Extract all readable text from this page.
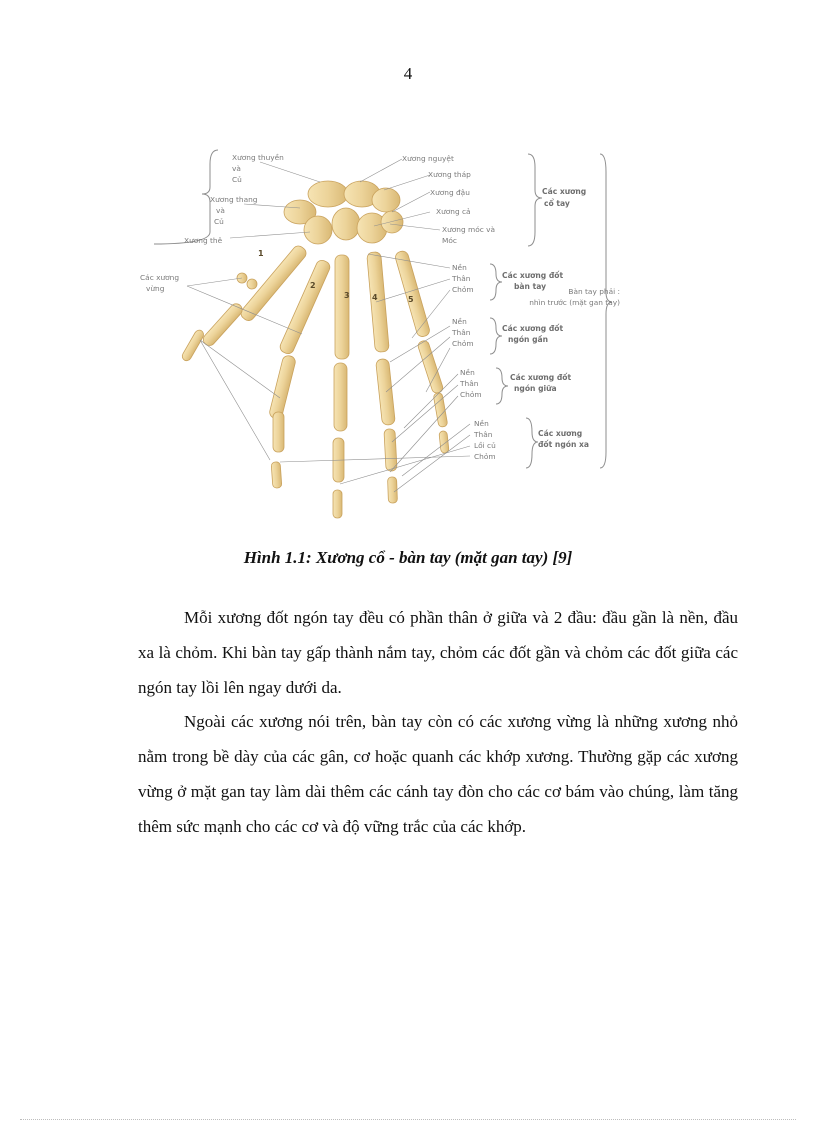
4
Xương thuyền
và
Củ
Xương thang
và
Củ
Xương thê
Các xương
vừng
Xương nguyệt
Xương tháp
Xương đậu
Xương cả
Xương móc và
Móc
Nền
Thân
Chỏm
Nền
Thân
Chỏm
Nền
Thân
Chỏm
Nền
Thân
Lồi củ
Chỏm
Các xương
cổ tay
Các xương đốt
bàn tay
Các xương đốt
ngón gần
Các xương đốt
ngón giữa
Các xương
đốt ngón xa
Bàn tay phải :
nhìn trước (mặt gan tay)
1
2
3	4	5
Hình 1.1: Xương cổ - bàn tay (mặt gan tay) [9]

Mỗi xương đốt ngón tay đều có phần thân ở giữa và 2 đầu: đầu gần là nền, đầu xa là chỏm. Khi bàn tay gấp thành nắm tay, chỏm các đốt gần và chỏm các đốt giữa các ngón tay lồi lên ngay dưới da.

Ngoài các xương nói trên, bàn tay còn có các xương vừng là những xương nhỏ nằm trong bề dày của các gân, cơ hoặc quanh các khớp xương. Thường gặp các xương vừng ở mặt gan tay làm dài thêm các cánh tay đòn cho các cơ bám vào chúng, làm tăng thêm sức mạnh cho các cơ và độ vững trắc của các khớp.
